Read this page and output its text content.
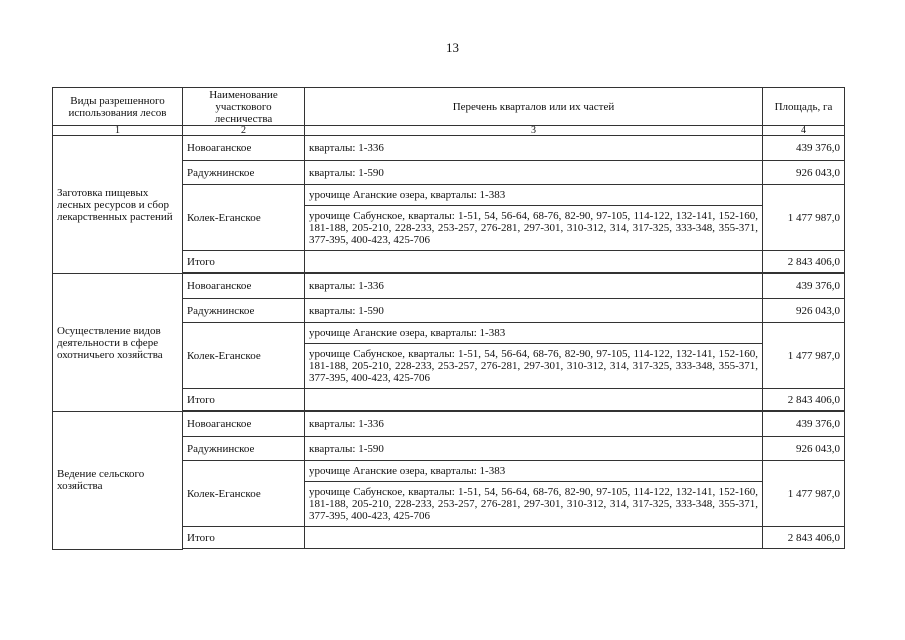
13
Виды разрешенного использования лесов	Наименование участкового лесничества	Перечень кварталов или их частей	Площадь, га
1	2	3	4
Заготовка пищевых лесных ресурсов и сбор лекарственных растений	Новоаганское	кварталы: 1-336	439 376,0
	Радужнинское	кварталы: 1-590	926 043,0
	Колек-Еганское	урочище Аганские озера, кварталы: 1-383	1 477 987,0
		урочище Сабунское, кварталы: 1-51, 54, 56-64, 68-76, 82-90, 97-105, 114-122, 132-141, 152-160, 181-188, 205-210, 228-233, 253-257, 276-281, 297-301, 310-312, 314, 317-325, 333-348, 355-371, 377-395, 400-423, 425-706	
	Итого		2 843 406,0

Осуществление видов деятельности в сфере охотничьего хозяйства	Новоаганское	кварталы: 1-336	439 376,0
	Радужнинское	кварталы: 1-590	926 043,0
	Колек-Еганское	урочище Аганские озера, кварталы: 1-383	1 477 987,0
		урочище Сабунское, кварталы: 1-51, 54, 56-64, 68-76, 82-90, 97-105, 114-122, 132-141, 152-160, 181-188, 205-210, 228-233, 253-257, 276-281, 297-301, 310-312, 314, 317-325, 333-348, 355-371, 377-395, 400-423, 425-706	
	Итого		2 843 406,0

Ведение сельского хозяйства	Новоаганское	кварталы: 1-336	439 376,0
	Радужнинское	кварталы: 1-590	926 043,0
	Колек-Еганское	урочище Аганские озера, кварталы: 1-383	1 477 987,0
		урочище Сабунское, кварталы: 1-51, 54, 56-64, 68-76, 82-90, 97-105, 114-122, 132-141, 152-160, 181-188, 205-210, 228-233, 253-257, 276-281, 297-301, 310-312, 314, 317-325, 333-348, 355-371, 377-395, 400-423, 425-706	
	Итого		2 843 406,0
